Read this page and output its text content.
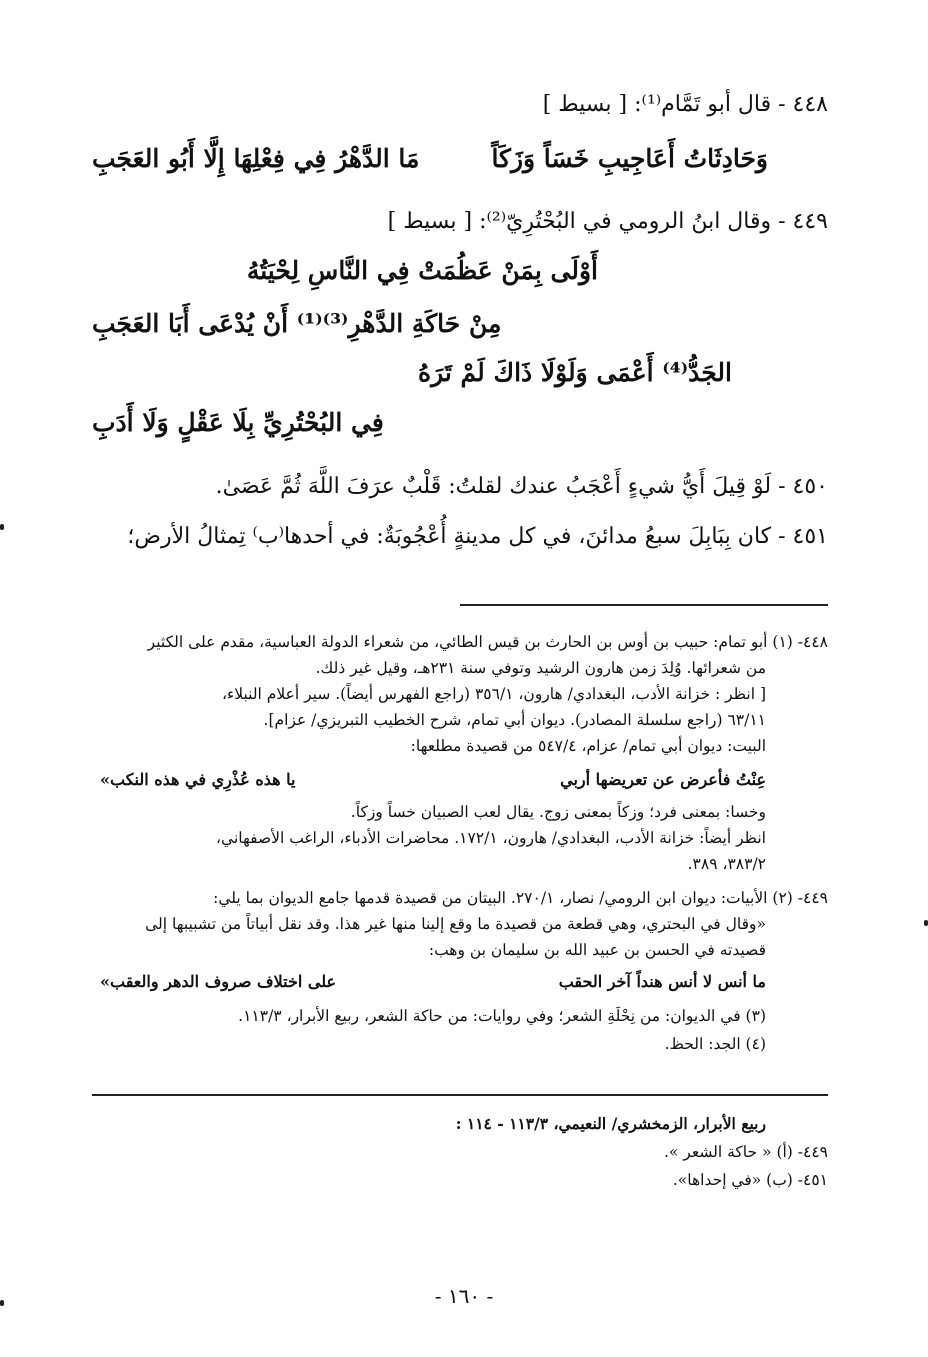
٤٤٨ - قال أبو تَمَّام⁽¹⁾: [ بسيط ]
وَحَادِثَاتُ أَعَاجِيبِ خَسَاً وَزَكَاً
مَا الدَّهْرُ فِي فِعْلِهَا إِلَّا أَبُو العَجَبِ
٤٤٩ - وقال ابنُ الرومي في البُحْتُرِيّ⁽²⁾: [ بسيط ]
أَوْلَى بِمَنْ عَظُمَتْ فِي النَّاسِ لِحْيَتُهُ
مِنْ حَاكَةِ الدَّهْرِ⁽³⁾⁽¹⁾ أَنْ يُدْعَى أَبَا العَجَبِ
الجَدُّ⁽⁴⁾ أَعْمَى وَلَوْلَا ذَاكَ لَمْ تَرَهُ
فِي البُحْتُرِيِّ بِلَا عَقْلٍ وَلَا أَدَبِ
٤٥٠ - لَوْ قِيلَ أَيُّ شيءٍ أَعْجَبُ عندك لقلتُ: قَلْبٌ عرَفَ اللَّهَ ثُمَّ عَصَىٰ.
٤٥١ - كان بِبَابِلَ سبعُ مدائنَ، في كل مدينةٍ أُعْجُوبَةٌ: في أحدها⁽ب⁾ تِمثالُ الأرض؛
٤٤٨- (١) أبو تمام: حبيب بن أوس بن الحارث بن قيس الطائي، من شعراء الدولة العباسية، مقدم على الكثير
من شعرائها. وُلِدَ زمن هارون الرشيد وتوفي سنة ٢٣١هـ، وقيل غير ذلك.
[ انظر : خزانة الأدب، البغدادي/ هارون، ٣٥٦/١ (راجع الفهرس أيضاً). سير أعلام النبلاء،
٦٣/١١ (راجع سلسلة المصادر). ديوان أبي تمام، شرح الخطيب التبريزي/ عزام].
البيت: ديوان أبي تمام/ عزام، ٥٤٧/٤ من قصيدة مطلعها:
عِنْتُ فأعرض عن تعريضها أربي
يا هذه عُذْرِي في هذه النكب»
وخسا: بمعنى فرد؛ وزكاً بمعنى زوج. يقال لعب الصبيان خساً وزكاً.
انظر أيضاً: خزانة الأدب، البغدادي/ هارون، ١٧٢/١. محاضرات الأدباء، الراغب الأصفهاني،
٣٨٣/٢، ٣٨٩.
٤٤٩- (٢) الأبيات: ديوان ابن الرومي/ نصار، ٢٧٠/١. البيتان من قصيدة قدمها جامع الديوان بما يلي:
«وقال في البحتري، وهي قطعة من قصيدة ما وقع إلينا منها غير هذا. وقد نقل أبياتاً من تشبيبها إلى
قصيدته في الحسن بن عبيد الله بن سليمان بن وهب:
ما أنس لا أنس هنداً آخر الحقب
على اختلاف صروف الدهر والعقب»
(٣) في الديوان: من نِحْلَةِ الشعر؛ وفي روايات: من حاكة الشعر، ربيع الأبرار، ١١٣/٣.
(٤) الجد: الحظ.
ربيع الأبرار، الزمخشري/ النعيمي، ١١٣/٣ - ١١٤ :
٤٤٩- (أ) « حاكة الشعر ».
٤٥١- (ب) «في إحداها».
- ١٦٠ -
